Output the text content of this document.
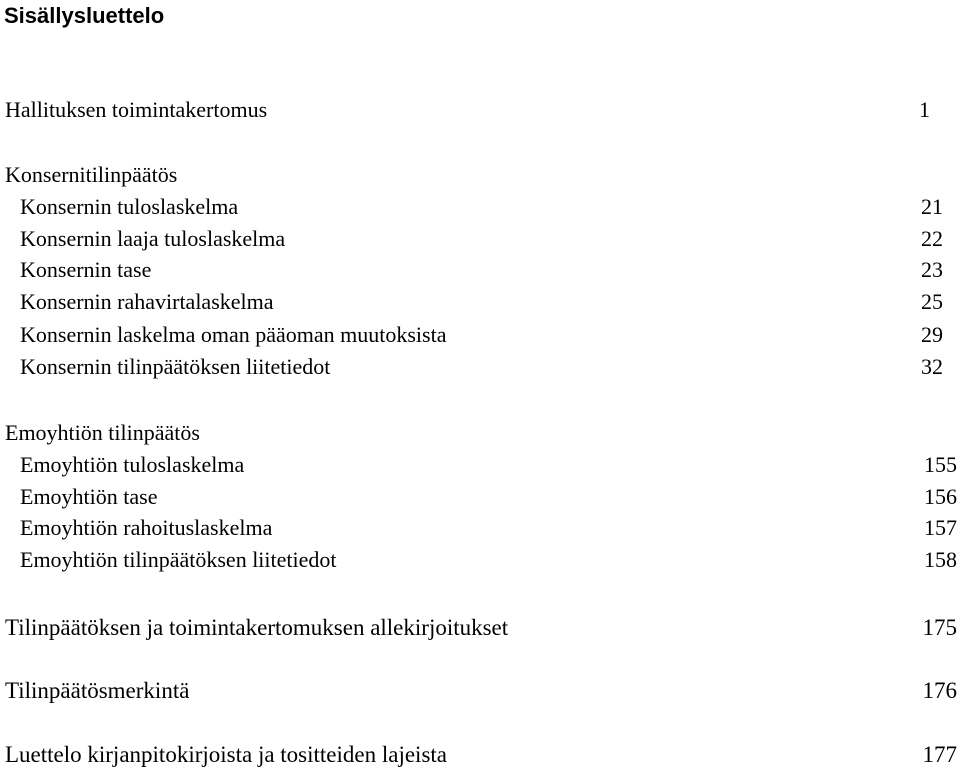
Sisällysluettelo
Hallituksen toimintakertomus	1
Konsernitilinpäätös
Konsernin tuloslaskelma	21
Konsernin laaja tuloslaskelma	22
Konsernin tase	23
Konsernin rahavirtalaskelma	25
Konsernin laskelma oman pääoman muutoksista	29
Konsernin tilinpäätöksen liitetiedot	32
Emoyhtiön tilinpäätös
Emoyhtiön tuloslaskelma	155
Emoyhtiön tase	156
Emoyhtiön rahoituslaskelma	157
Emoyhtiön tilinpäätöksen liitetiedot	158
Tilinpäätöksen ja toimintakertomuksen allekirjoitukset	175
Tilinpäätösmerkintä	176
Luettelo kirjanpitokirjoista ja tositteiden lajeista	177
